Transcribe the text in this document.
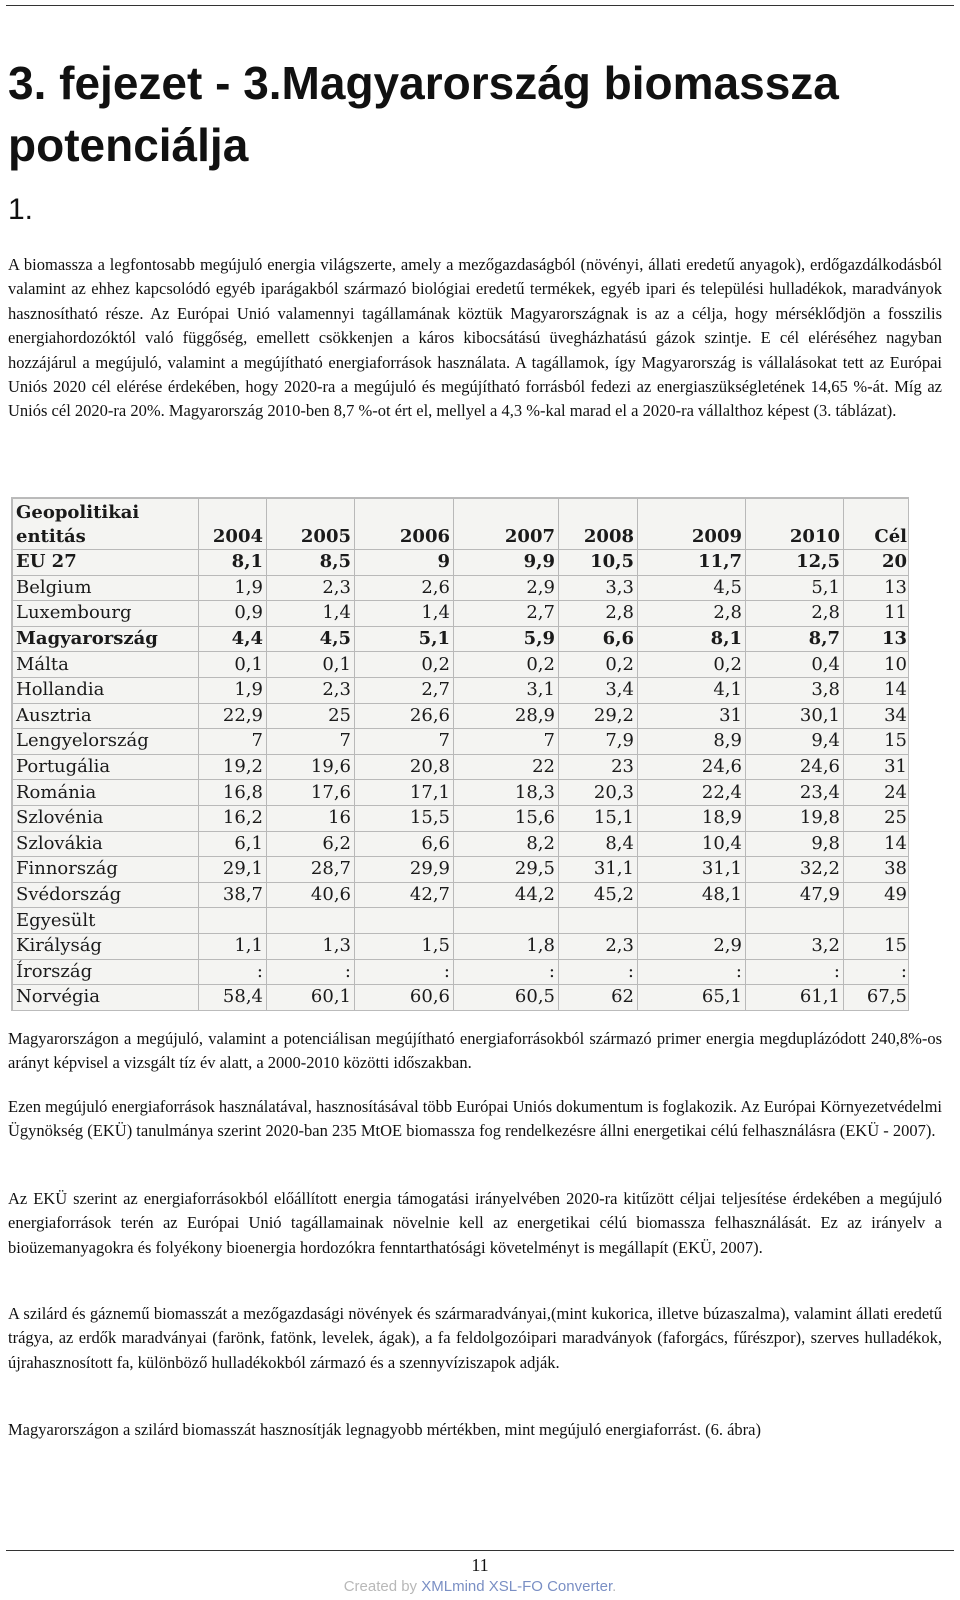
3. fejezet - 3.Magyarország biomassza potenciálja
1.

A biomassza a legfontosabb megújuló energia világszerte, amely a mezőgazdaságból (növényi, állati eredetű anyagok), erdőgazdálkodásból valamint az ehhez kapcsolódó egyéb iparágakból származó biológiai eredetű termékek, egyéb ipari és települési hulladékok, maradványok hasznosítható része. Az Európai Unió valamennyi tagállamának köztük Magyarországnak is az a célja, hogy mérséklődjön a fosszilis energiahordozóktól való függőség, emellett csökkenjen a káros kibocsátású üvegházhatású gázok szintje. E cél eléréséhez nagyban hozzájárul a megújuló, valamint a megújítható energiaforrások használata. A tagállamok, így Magyarország is vállalásokat tett az Európai Uniós 2020 cél elérése érdekében, hogy 2020-ra a megújuló és megújítható forrásból fedezi az energiaszükségletének 14,65 %-át. Míg az Uniós cél 2020-ra 20%. Magyarország 2010-ben 8,7 %-ot ért el, mellyel a 4,3 %-kal marad el a 2020-ra vállalthoz képest (3. táblázat).

Geopolitikai
entitás	2004	2005	2006	2007	2008	2009	2010	Cél
EU 27	8,1	8,5	9	9,9	10,5	11,7	12,5	20
Belgium	1,9	2,3	2,6	2,9	3,3	4,5	5,1	13
Luxembourg	0,9	1,4	1,4	2,7	2,8	2,8	2,8	11
Magyarország	4,4	4,5	5,1	5,9	6,6	8,1	8,7	13
Málta	0,1	0,1	0,2	0,2	0,2	0,2	0,4	10
Hollandia	1,9	2,3	2,7	3,1	3,4	4,1	3,8	14
Ausztria	22,9	25	26,6	28,9	29,2	31	30,1	34
Lengyelország	7	7	7	7	7,9	8,9	9,4	15
Portugália	19,2	19,6	20,8	22	23	24,6	24,6	31
Románia	16,8	17,6	17,1	18,3	20,3	22,4	23,4	24
Szlovénia	16,2	16	15,5	15,6	15,1	18,9	19,8	25
Szlovákia	6,1	6,2	6,6	8,2	8,4	10,4	9,8	14
Finnország	29,1	28,7	29,9	29,5	31,1	31,1	32,2	38
Svédország	38,7	40,6	42,7	44,2	45,2	48,1	47,9	49
Egyesült								
Királyság	1,1	1,3	1,5	1,8	2,3	2,9	3,2	15
Írország	:	:	:	:	:	:	:	:
Norvégia	58,4	60,1	60,6	60,5	62	65,1	61,1	67,5

Magyarországon a megújuló, valamint a potenciálisan megújítható energiaforrásokból származó primer energia megduplázódott 240,8%-os arányt képvisel a vizsgált tíz év alatt, a 2000-2010 közötti időszakban.

Ezen megújuló energiaforrások használatával, hasznosításával több Európai Uniós dokumentum is foglakozik. Az Európai Környezetvédelmi Ügynökség (EKÜ) tanulmánya szerint 2020-ban 235 MtOE biomassza fog rendelkezésre állni energetikai célú felhasználásra (EKÜ - 2007).

Az EKÜ szerint az energiaforrásokból előállított energia támogatási irányelvében 2020-ra kitűzött céljai teljesítése érdekében a megújuló energiaforrások terén az Európai Unió tagállamainak növelnie kell az energetikai célú biomassza felhasználását. Ez az irányelv a bioüzemanyagokra és folyékony bioenergia hordozókra fenntarthatósági követelményt is megállapít (EKÜ, 2007).

A szilárd és gáznemű biomasszát a mezőgazdasági növények és szármaradványai,(mint kukorica, illetve búzaszalma), valamint állati eredetű trágya, az erdők maradványai (farönk, fatönk, levelek, ágak), a fa feldolgozóipari maradványok (faforgács, fűrészpor), szerves hulladékok, újrahasznosított fa, különböző hulladékokból zármazó és a szennyvíziszapok adják.

Magyarországon a szilárd biomasszát hasznosítják legnagyobb mértékben, mint megújuló energiaforrást. (6. ábra)

11
Created by XMLmind XSL-FO Converter.
